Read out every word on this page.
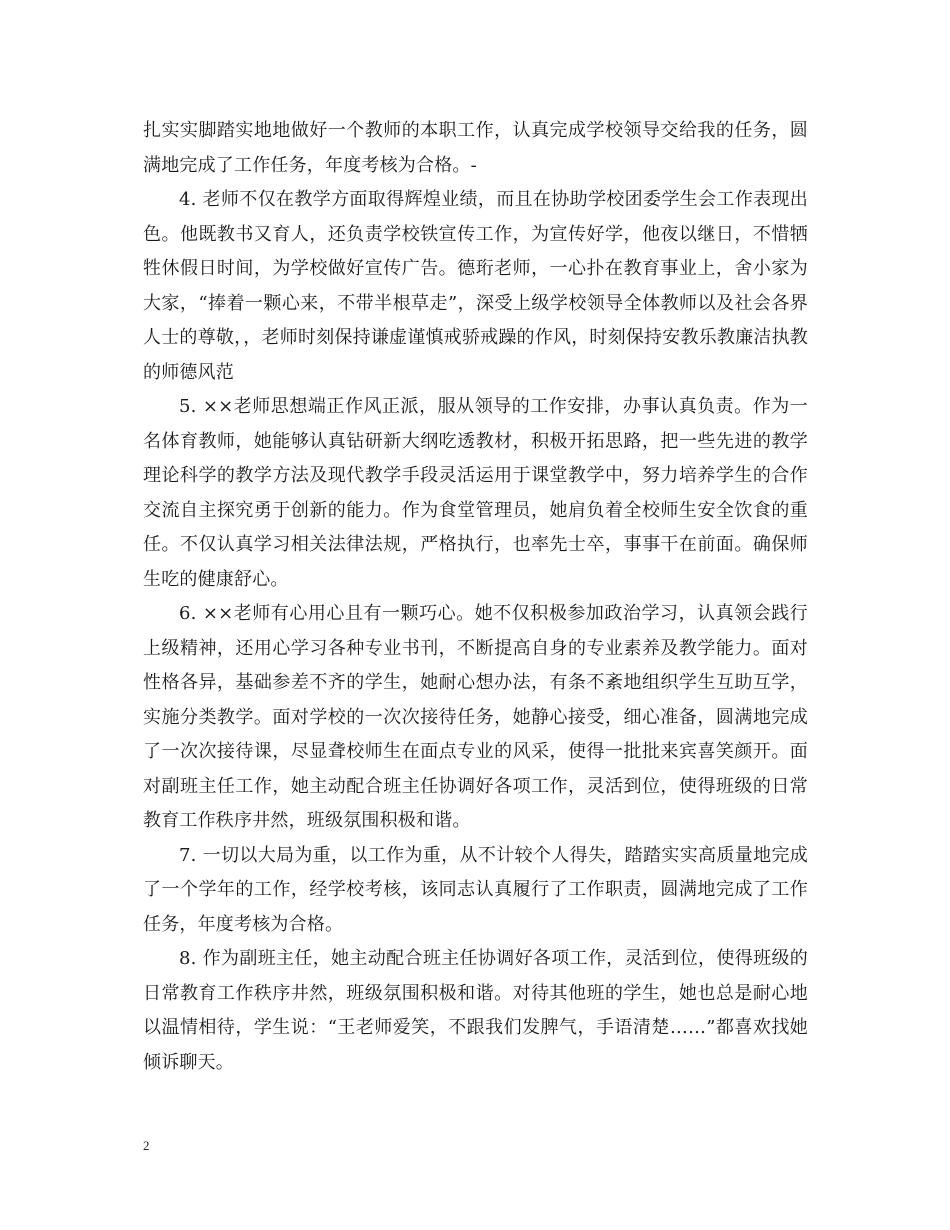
扎实实脚踏实地地做好一个教师的本职工作，认真完成学校领导交给我的任务，圆满地完成了工作任务，年度考核为合格。-

4. 老师不仅在教学方面取得辉煌业绩，而且在协助学校团委学生会工作表现出色。他既教书又育人，还负责学校铁宣传工作，为宣传好学，他夜以继日，不惜牺牲休假日时间，为学校做好宣传广告。德珩老师，一心扑在教育事业上，舍小家为大家，“捧着一颗心来，不带半根草走”，深受上级学校领导全体教师以及社会各界人士的尊敬，，老师时刻保持谦虚谨慎戒骄戒躁的作风，时刻保持安教乐教廉洁执教的师德风范

5. ××老师思想端正作风正派，服从领导的工作安排，办事认真负责。作为一名体育教师，她能够认真钻研新大纲吃透教材，积极开拓思路，把一些先进的教学理论科学的教学方法及现代教学手段灵活运用于课堂教学中，努力培养学生的合作交流自主探究勇于创新的能力。作为食堂管理员，她肩负着全校师生安全饮食的重任。不仅认真学习相关法律法规，严格执行，也率先士卒，事事干在前面。确保师生吃的健康舒心。

6. ××老师有心用心且有一颗巧心。她不仅积极参加政治学习，认真领会践行上级精神，还用心学习各种专业书刊，不断提高自身的专业素养及教学能力。面对性格各异，基础参差不齐的学生，她耐心想办法，有条不紊地组织学生互助互学，实施分类教学。面对学校的一次次接待任务，她静心接受，细心准备，圆满地完成了一次次接待课，尽显聋校师生在面点专业的风采，使得一批批来宾喜笑颜开。面对副班主任工作，她主动配合班主任协调好各项工作，灵活到位，使得班级的日常教育工作秩序井然，班级氛围积极和谐。

7. 一切以大局为重，以工作为重，从不计较个人得失，踏踏实实高质量地完成了一个学年的工作，经学校考核，该同志认真履行了工作职责，圆满地完成了工作任务，年度考核为合格。

8. 作为副班主任，她主动配合班主任协调好各项工作，灵活到位，使得班级的日常教育工作秩序井然，班级氛围积极和谐。对待其他班的学生，她也总是耐心地以温情相待，学生说：“王老师爱笑，不跟我们发脾气，手语清楚……”都喜欢找她倾诉聊天。

2
